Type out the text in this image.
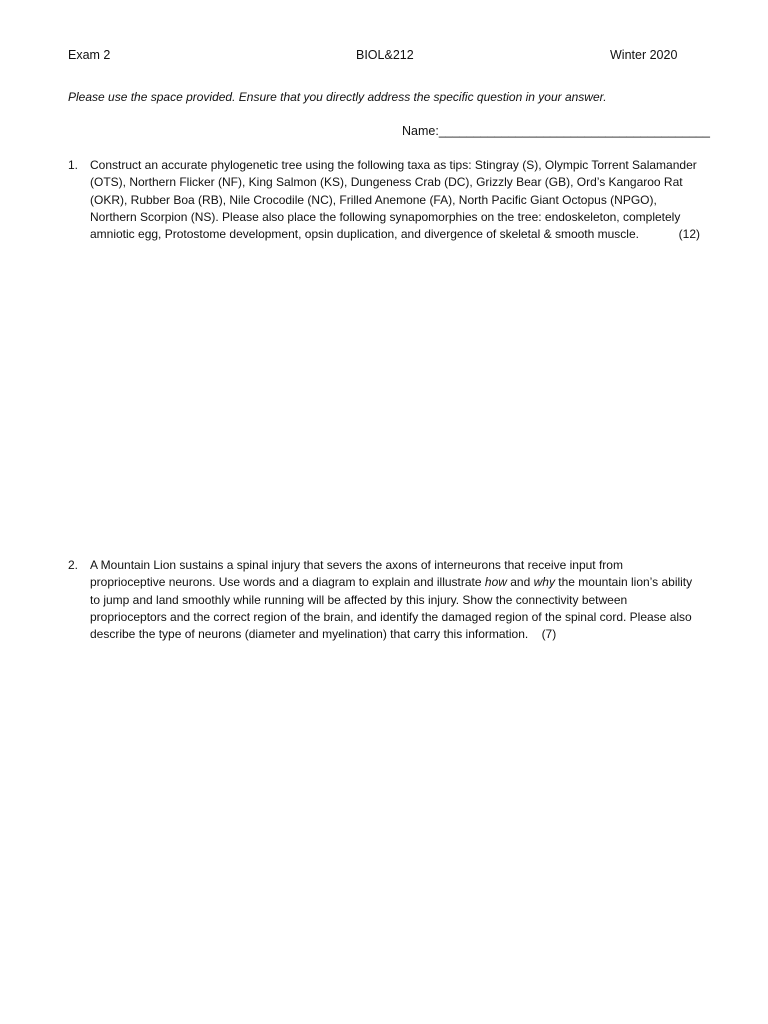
Exam 2	BIOL&212	Winter 2020
Please use the space provided. Ensure that you directly address the specific question in your answer.
Name:_______________________________________
1. Construct an accurate phylogenetic tree using the following taxa as tips: Stingray (S), Olympic Torrent Salamander (OTS), Northern Flicker (NF), King Salmon (KS), Dungeness Crab (DC), Grizzly Bear (GB), Ord’s Kangaroo Rat (OKR), Rubber Boa (RB), Nile Crocodile (NC), Frilled Anemone (FA), North Pacific Giant Octopus (NPGO), Northern Scorpion (NS). Please also place the following synapomorphies on the tree: endoskeleton, completely amniotic egg, Protostome development, opsin duplication, and divergence of skeletal & smooth muscle.	(12)
2. A Mountain Lion sustains a spinal injury that severs the axons of interneurons that receive input from proprioceptive neurons. Use words and a diagram to explain and illustrate how and why the mountain lion’s ability to jump and land smoothly while running will be affected by this injury. Show the connectivity between proprioceptors and the correct region of the brain, and identify the damaged region of the spinal cord. Please also describe the type of neurons (diameter and myelination) that carry this information. (7)
